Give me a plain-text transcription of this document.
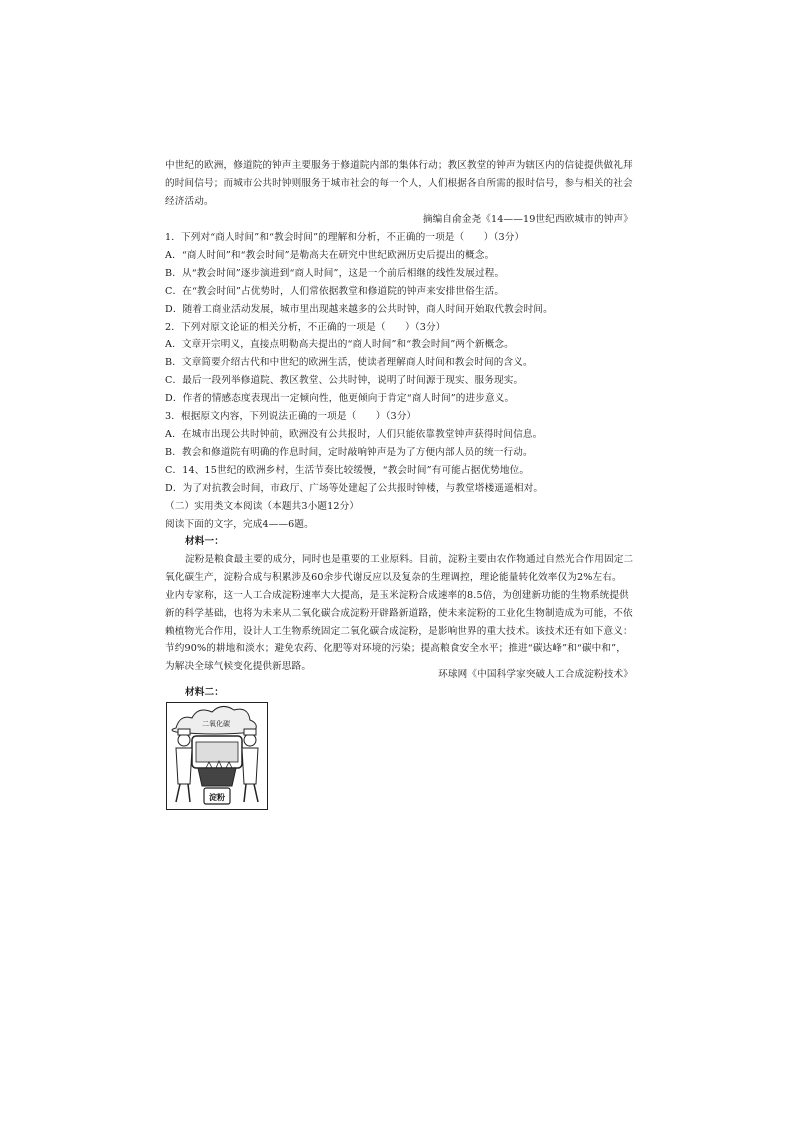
中世纪的欧洲，修道院的钟声主要服务于修道院内部的集体行动；教区教堂的钟声为辖区内的信徒提供做礼拜
的时间信号；而城市公共时钟则服务于城市社会的每一个人，人们根据各自所需的报时信号，参与相关的社会
经济活动。
摘编自俞金尧《14——19世纪西欧城市的钟声》
1．下列对“商人时间”和“教会时间”的理解和分析，不正确的一项是（　　）（3分）
A．“商人时间”和“教会时间”是勒高夫在研究中世纪欧洲历史后提出的概念。
B．从“教会时间”逐步演进到“商人时间”，这是一个前后相继的线性发展过程。
C．在“教会时间”占优势时，人们常依据教堂和修道院的钟声来安排世俗生活。
D．随着工商业活动发展，城市里出现越来越多的公共时钟，商人时间开始取代教会时间。
2．下列对原文论证的相关分析，不正确的一项是（　　）（3分）
A．文章开宗明义，直接点明勒高夫提出的“商人时间”和“教会时间”两个新概念。
B．文章简要介绍古代和中世纪的欧洲生活，使读者理解商人时间和教会时间的含义。
C．最后一段列举修道院、教区教堂、公共时钟，说明了时间源于现实、服务现实。
D．作者的情感态度表现出一定倾向性，他更倾向于肯定“商人时间”的进步意义。
3．根据原文内容，下列说法正确的一项是（　　）（3分）
A．在城市出现公共时钟前，欧洲没有公共报时，人们只能依靠教堂钟声获得时间信息。
B．教会和修道院有明确的作息时间，定时敲响钟声是为了方便内部人员的统一行动。
C．14、15世纪的欧洲乡村，生活节奏比较缓慢，“教会时间”有可能占据优势地位。
D．为了对抗教会时间，市政厅、广场等处建起了公共报时钟楼，与教堂塔楼遥遥相对。
（二）实用类文本阅读（本题共3小题12分）
阅读下面的文字，完成4——6题。
材料一：
淀粉是粮食最主要的成分，同时也是重要的工业原料。目前，淀粉主要由农作物通过自然光合作用固定二
氧化碳生产，淀粉合成与积累涉及60余步代谢反应以及复杂的生理调控，理论能量转化效率仅为2%左右。
业内专家称，这一人工合成淀粉速率大大提高，是玉米淀粉合成速率的8.5倍，为创建新功能的生物系统提供
新的科学基础，也将为未来从二氧化碳合成淀粉开辟路新道路，使未来淀粉的工业化生物制造成为可能，不依
赖植物光合作用，设计人工生物系统固定二氧化碳合成淀粉，是影响世界的重大技术。该技术还有如下意义：
节约90%的耕地和淡水；避免农药、化肥等对环境的污染；提高粮食安全水平；推进“碳达峰”和“碳中和”，
为解决全球气候变化提供新思路。
环球网《中国科学家突破人工合成淀粉技术》
材料二：
二氧化碳
淀粉
